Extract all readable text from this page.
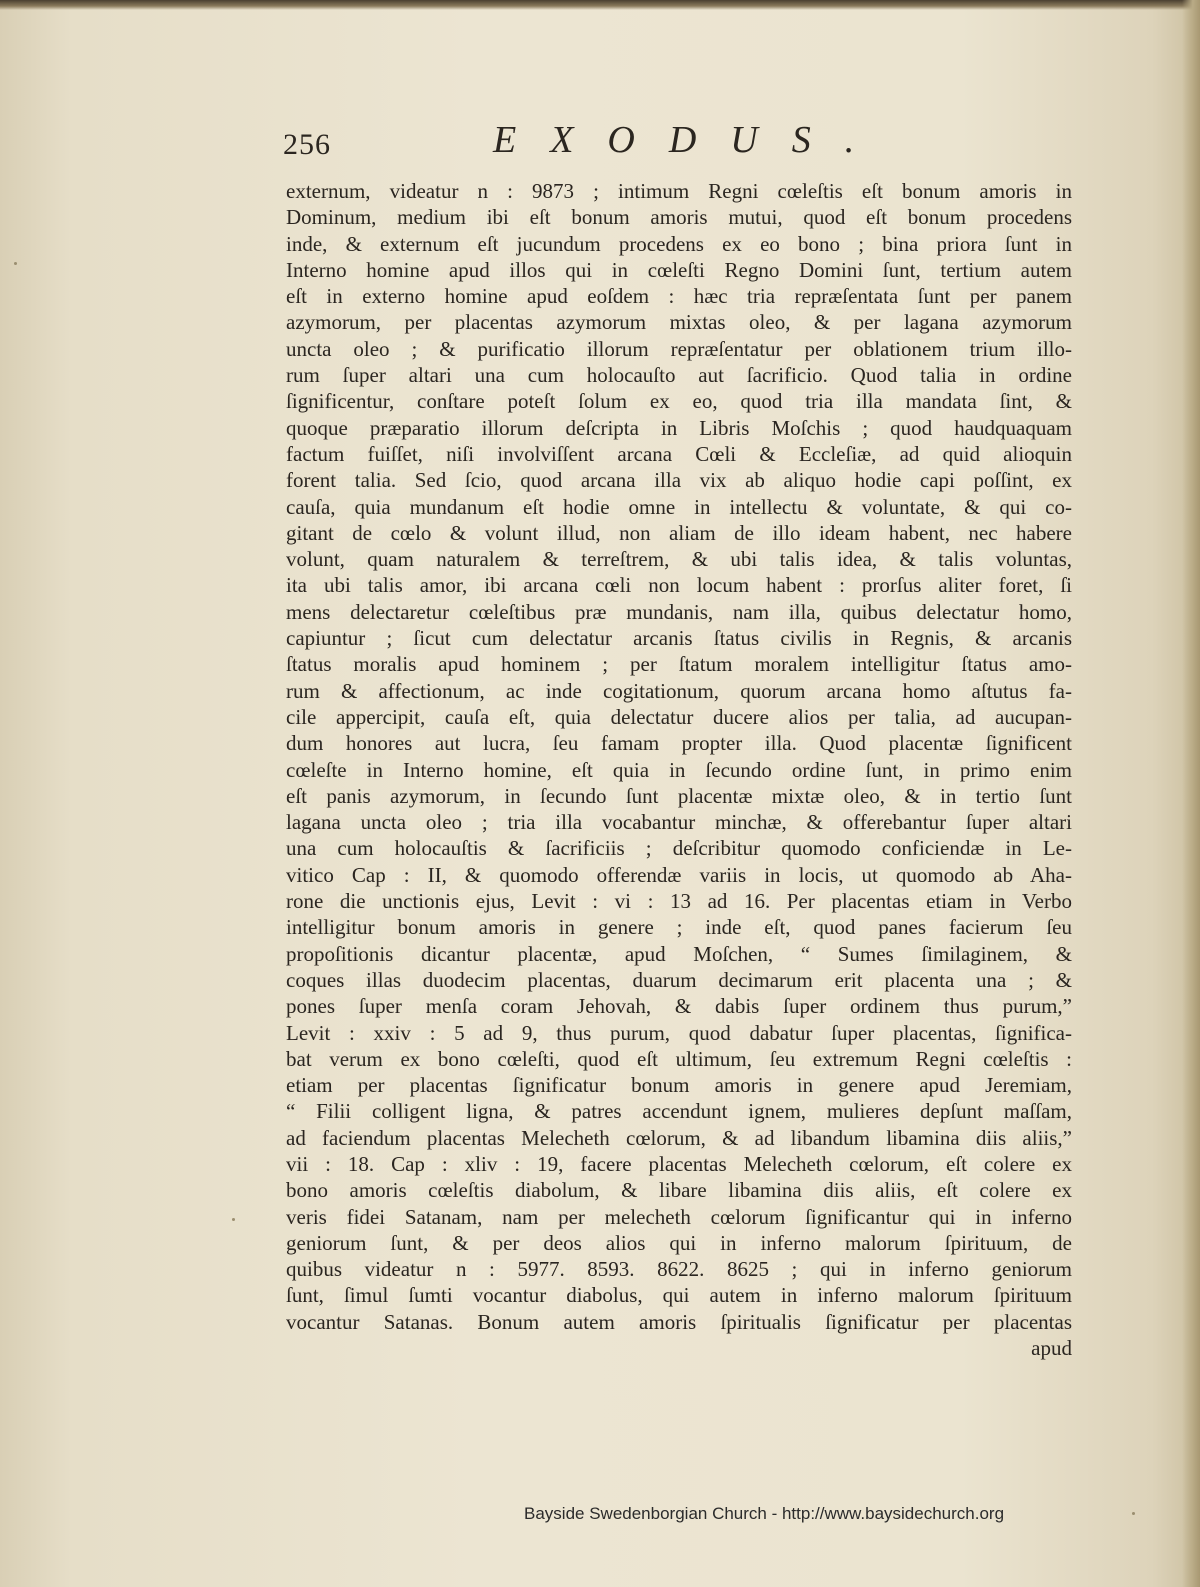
256	EXODUS.
externum, videatur n : 9873 ; intimum Regni cœleſtis eſt bonum amoris in
Dominum, medium ibi eſt bonum amoris mutui, quod eſt bonum procedens
inde, & externum eſt jucundum procedens ex eo bono ; bina priora ſunt in
Interno homine apud illos qui in cœleſti Regno Domini ſunt, tertium autem
eſt in externo homine apud eoſdem : hæc tria repræſentata ſunt per panem
azymorum, per placentas azymorum mixtas oleo, & per lagana azymorum
uncta oleo ; & purificatio illorum repræſentatur per oblationem trium illo-
rum ſuper altari una cum holocauſto aut ſacrificio. Quod talia in ordine
ſignificentur, conſtare poteſt ſolum ex eo, quod tria illa mandata ſint, &
quoque præparatio illorum deſcripta in Libris Moſchis ; quod haudquaquam
factum fuiſſet, niſi involviſſent arcana Cœli & Eccleſiæ, ad quid alioquin
forent talia. Sed ſcio, quod arcana illa vix ab aliquo hodie capi poſſint, ex
cauſa, quia mundanum eſt hodie omne in intellectu & voluntate, & qui co-
gitant de cœlo & volunt illud, non aliam de illo ideam habent, nec habere
volunt, quam naturalem & terreſtrem, & ubi talis idea, & talis voluntas,
ita ubi talis amor, ibi arcana cœli non locum habent : prorſus aliter foret, ſi
mens delectaretur cœleſtibus præ mundanis, nam illa, quibus delectatur homo,
capiuntur ; ſicut cum delectatur arcanis ſtatus civilis in Regnis, & arcanis
ſtatus moralis apud hominem ; per ſtatum moralem intelligitur ſtatus amo-
rum & affectionum, ac inde cogitationum, quorum arcana homo aſtutus fa-
cile appercipit, cauſa eſt, quia delectatur ducere alios per talia, ad aucupan-
dum honores aut lucra, ſeu famam propter illa. Quod placentæ ſignificent
cœleſte in Interno homine, eſt quia in ſecundo ordine ſunt, in primo enim
eſt panis azymorum, in ſecundo ſunt placentæ mixtæ oleo, & in tertio ſunt
lagana uncta oleo ; tria illa vocabantur minchæ, & offerebantur ſuper altari
una cum holocauſtis & ſacrificiis ; deſcribitur quomodo conficiendæ in Le-
vitico Cap : II, & quomodo offerendæ variis in locis, ut quomodo ab Aha-
rone die unctionis ejus, Levit : vi : 13 ad 16. Per placentas etiam in Verbo
intelligitur bonum amoris in genere ; inde eſt, quod panes facierum ſeu
propoſitionis dicantur placentæ, apud Moſchen, “ Sumes ſimilaginem, &
coques illas duodecim placentas, duarum decimarum erit placenta una ; &
pones ſuper menſa coram Jehovah, & dabis ſuper ordinem thus purum,”
Levit : xxiv : 5 ad 9, thus purum, quod dabatur ſuper placentas, ſignifica-
bat verum ex bono cœleſti, quod eſt ultimum, ſeu extremum Regni cœleſtis :
etiam per placentas ſignificatur bonum amoris in genere apud Jeremiam,
“ Filii colligent ligna, & patres accendunt ignem, mulieres depſunt maſſam,
ad faciendum placentas Melecheth cœlorum, & ad libandum libamina diis aliis,”
vii : 18. Cap : xliv : 19, facere placentas Melecheth cœlorum, eſt colere ex
bono amoris cœleſtis diabolum, & libare libamina diis aliis, eſt colere ex
veris fidei Satanam, nam per melecheth cœlorum ſignificantur qui in inferno
geniorum ſunt, & per deos alios qui in inferno malorum ſpirituum, de
quibus videatur n : 5977. 8593. 8622. 8625 ; qui in inferno geniorum
ſunt, ſimul ſumti vocantur diabolus, qui autem in inferno malorum ſpirituum
vocantur Satanas. Bonum autem amoris ſpiritualis ſignificatur per placentas
apud
Bayside Swedenborgian Church - http://www.baysidechurch.org
